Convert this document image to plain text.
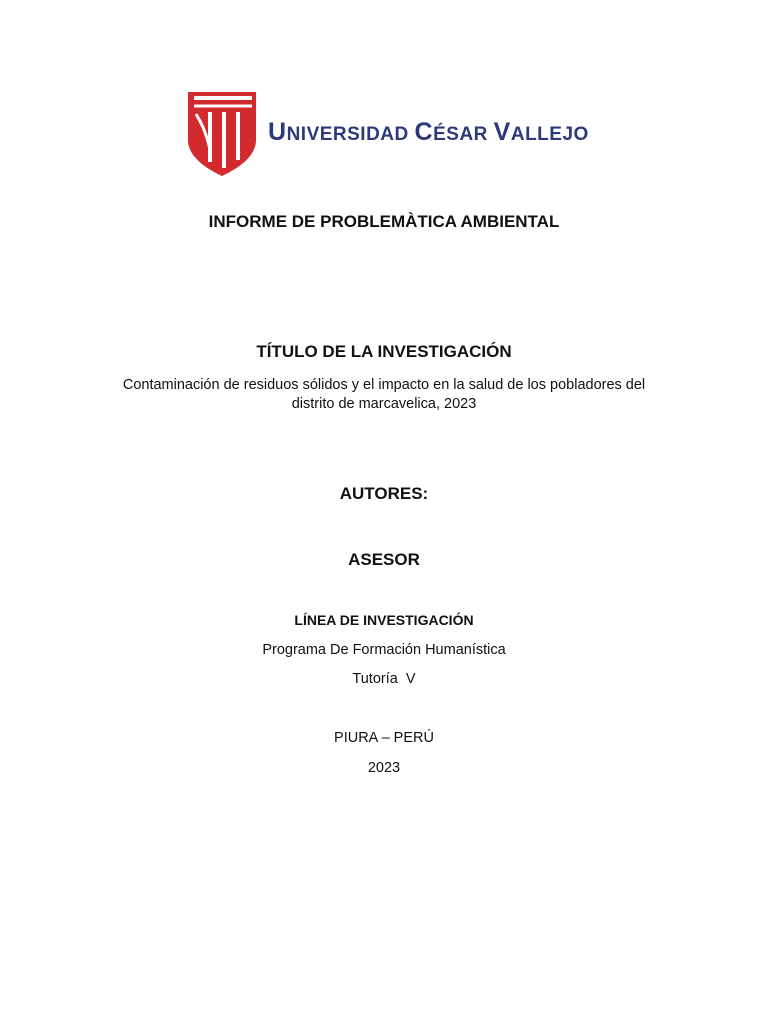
UNIVERSIDAD CÉSAR VALLEJO
INFORME DE PROBLEMÀTICA AMBIENTAL
TÍTULO DE LA INVESTIGACIÓN
Contaminación de residuos sólidos y el impacto en la salud de los pobladores del
distrito de marcavelica, 2023
AUTORES:
ASESOR
LÍNEA DE INVESTIGACIÓN
Programa De Formación Humanística
Tutoría  V
PIURA – PERÚ
2023
